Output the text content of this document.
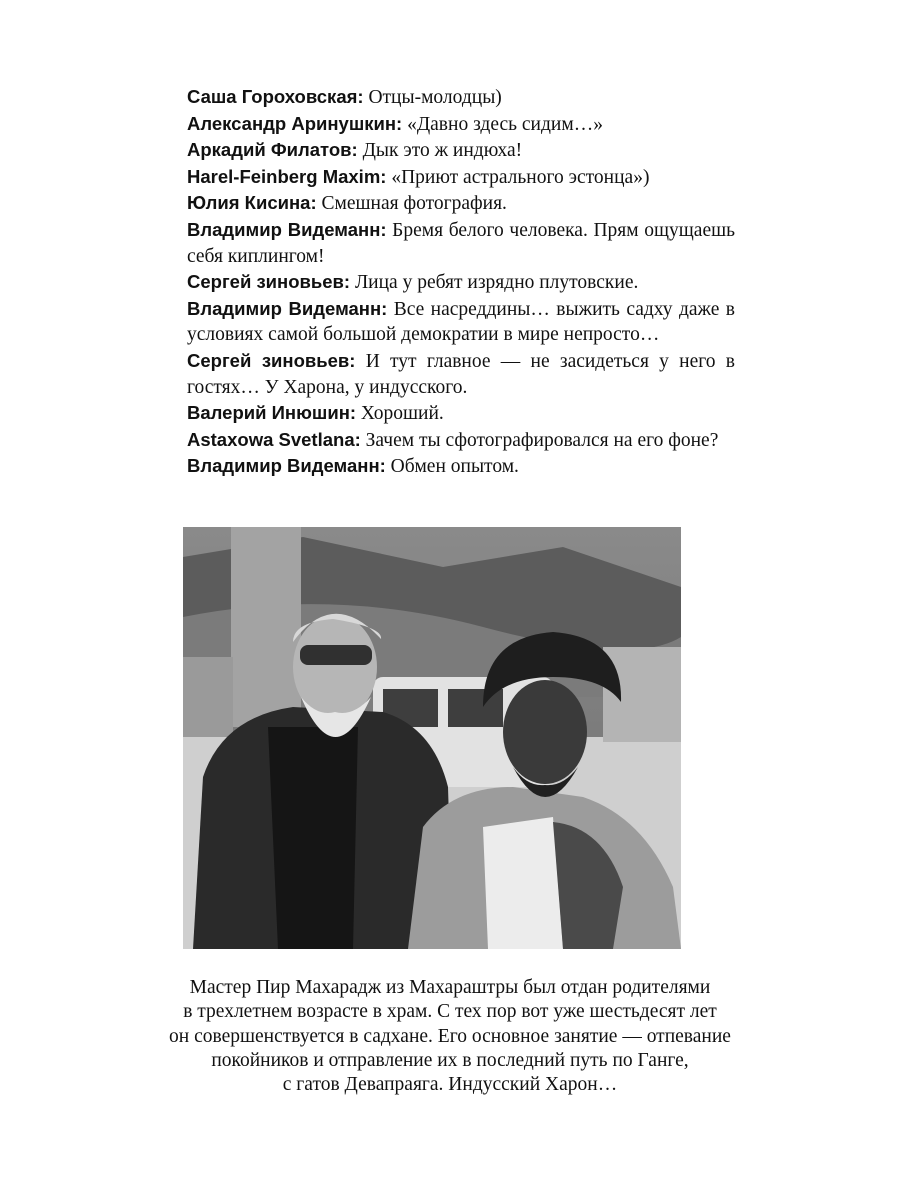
Саша Гороховская: Отцы-молодцы)

Александр Аринушкин: «Давно здесь сидим…»

Аркадий Филатов: Дык это ж индюха!

Harel-Feinberg Maxim: «Приют астрального эстонца»)

Юлия Кисина: Смешная фотография.

Владимир Видеманн: Бремя белого человека. Прям ощущаешь себя киплингом!

Сергей зиновьев: Лица у ребят изрядно плутовские.

Владимир Видеманн: Все насреддины… выжить садху даже в условиях самой большой демократии в мире непросто…

Сергей зиновьев: И тут главное — не засидеться у него в гостях… У Харона, у индусского.

Валерий Инюшин: Хороший.

Astaxowa Svetlana: Зачем ты сфотографировался на его фоне?

Владимир Видеманн: Обмен опытом.

Мастер Пир Махарадж из Махараштры был отдан родителями
в трехлетнем возрасте в храм. С тех пор вот уже шестьдесят лет
он совершенствуется в садхане. Его основное занятие — отпевание
покойников и отправление их в последний путь по Ганге,
с гатов Девапраяга. Индусский Харон…
